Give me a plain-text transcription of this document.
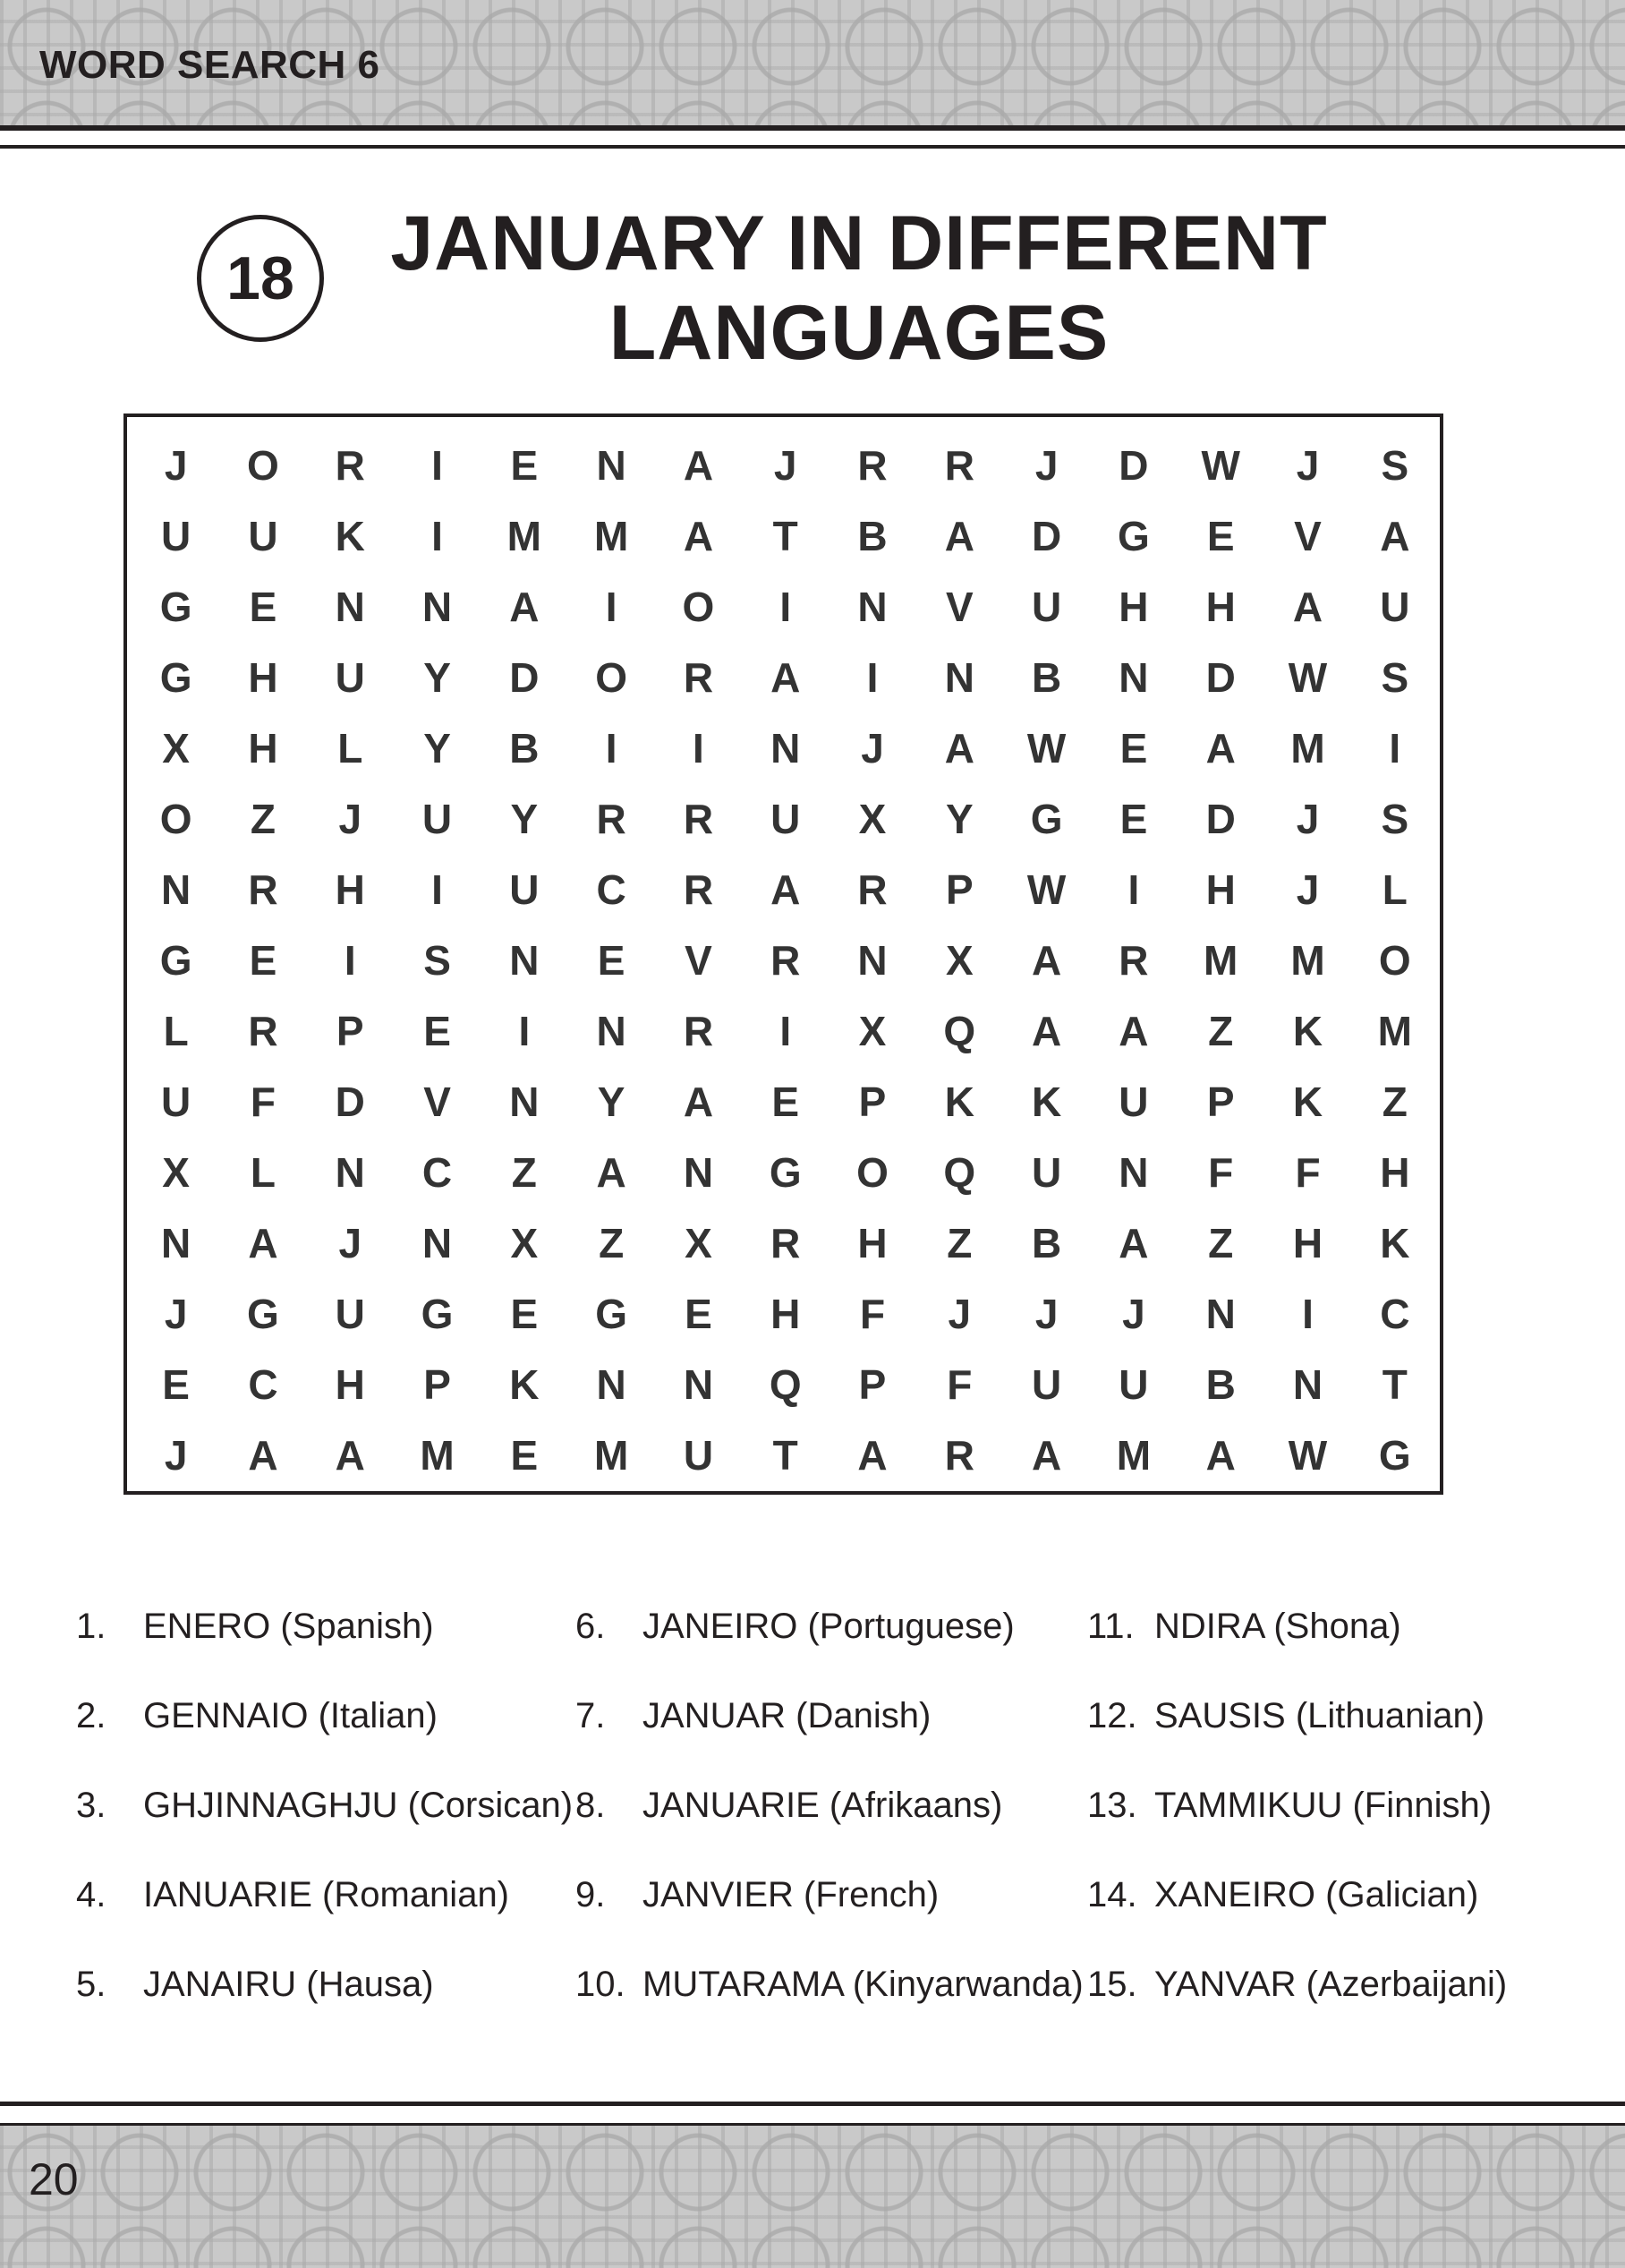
WORD SEARCH 6
18	JANUARY IN DIFFERENT
LANGUAGES
J	O	R	I	E	N	A	J	R	R	J	D	W	J	S
U	U	K	I	M	M	A	T	B	A	D	G	E	V	A
G	E	N	N	A	I	O	I	N	V	U	H	H	A	U
G	H	U	Y	D	O	R	A	I	N	B	N	D	W	S
X	H	L	Y	B	I	I	N	J	A	W	E	A	M	I
O	Z	J	U	Y	R	R	U	X	Y	G	E	D	J	S
N	R	H	I	U	C	R	A	R	P	W	I	H	J	L
G	E	I	S	N	E	V	R	N	X	A	R	M	M	O
L	R	P	E	I	N	R	I	X	Q	A	A	Z	K	M
U	F	D	V	N	Y	A	E	P	K	K	U	P	K	Z
X	L	N	C	Z	A	N	G	O	Q	U	N	F	F	H
N	A	J	N	X	Z	X	R	H	Z	B	A	Z	H	K
J	G	U	G	E	G	E	H	F	J	J	J	N	I	C
E	C	H	P	K	N	N	Q	P	F	U	U	B	N	T
J	A	A	M	E	M	U	T	A	R	A	M	A	W	G
1. ENERO (Spanish)
2. GENNAIO (Italian)
3. GHJINNAGHJU (Corsican)
4. IANUARIE (Romanian)
5. JANAIRU (Hausa)
6. JANEIRO (Portuguese)
7. JANUAR (Danish)
8. JANUARIE (Afrikaans)
9. JANVIER (French)
10. MUTARAMA (Kinyarwanda)
11. NDIRA (Shona)
12. SAUSIS (Lithuanian)
13. TAMMIKUU (Finnish)
14. XANEIRO (Galician)
15. YANVAR (Azerbaijani)
20
